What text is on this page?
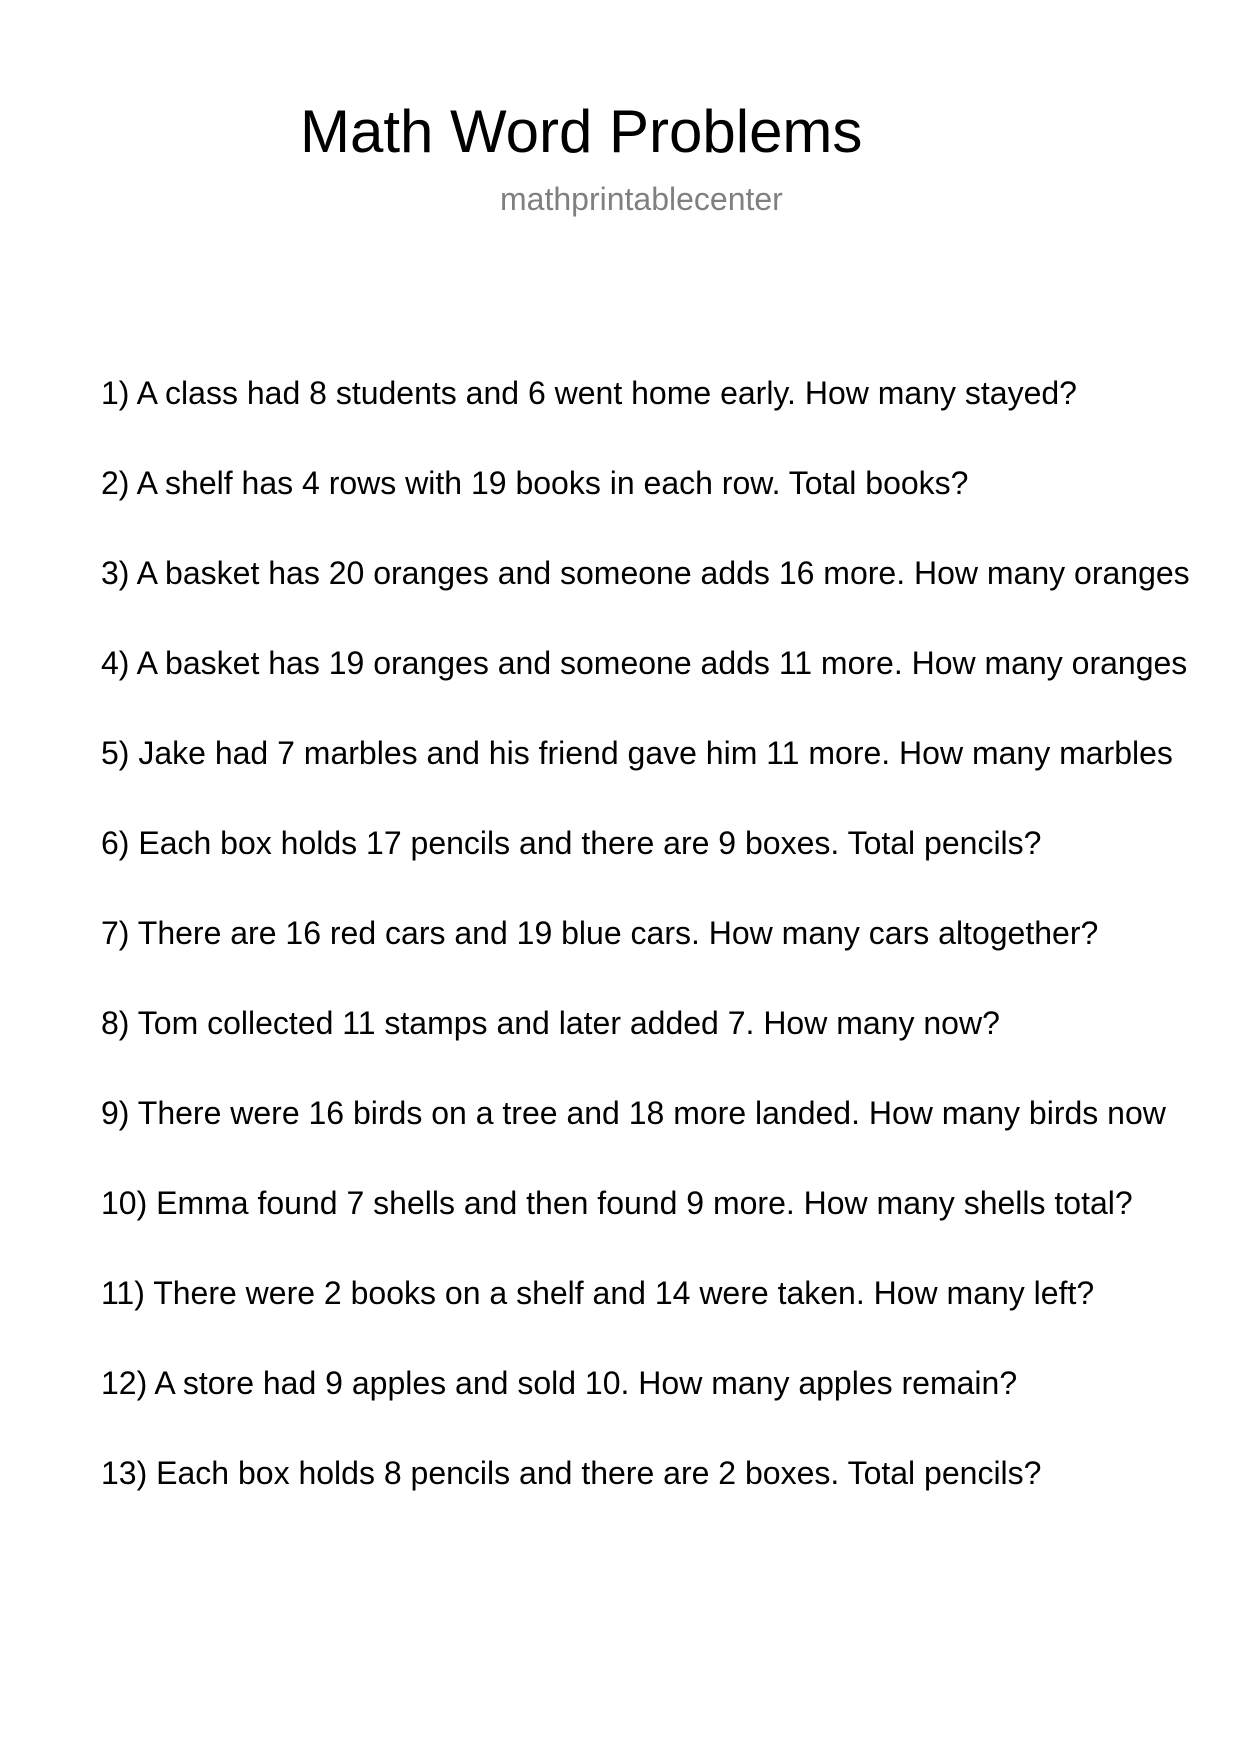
Math Word Problems
mathprintablecenter
1) A class had 8 students and 6 went home early. How many stayed?
2) A shelf has 4 rows with 19 books in each row. Total books?
3) A basket has 20 oranges and someone adds 16 more. How many oranges
4) A basket has 19 oranges and someone adds 11 more. How many oranges
5) Jake had 7 marbles and his friend gave him 11 more. How many marbles
6) Each box holds 17 pencils and there are 9 boxes. Total pencils?
7) There are 16 red cars and 19 blue cars. How many cars altogether?
8) Tom collected 11 stamps and later added 7. How many now?
9) There were 16 birds on a tree and 18 more landed. How many birds now
10) Emma found 7 shells and then found 9 more. How many shells total?
11) There were 2 books on a shelf and 14 were taken. How many left?
12) A store had 9 apples and sold 10. How many apples remain?
13) Each box holds 8 pencils and there are 2 boxes. Total pencils?
